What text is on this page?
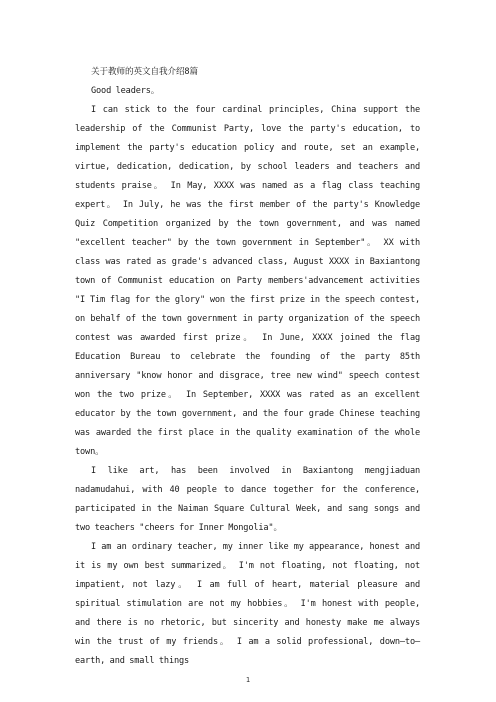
关于教师的英文自我介绍8篇

Good leaders。

I can stick to the four cardinal principles, China support the leadership of the Communist Party, love the party's education, to implement the party's education policy and route, set an example, virtue, dedication, dedication, by school leaders and teachers and students praise。 In May, XXXX was named as a flag class teaching expert。 In July, he was the first member of the party's Knowledge Quiz Competition organized by the town government, and was named "excellent teacher" by the town government in September"。 XX with class was rated as grade's advanced class, August XXXX in Baxiantong town of Communist education on Party members'advancement activities "I Tim flag for the glory" won the first prize in the speech contest, on behalf of the town government in party organization of the speech contest was awarded first prize。 In June, XXXX joined the flag Education Bureau to celebrate the founding of the party 85th anniversary "know honor and disgrace, tree new wind" speech contest won the two prize。 In September, XXXX was rated as an excellent educator by the town government, and the four grade Chinese teaching was awarded the first place in the quality examination of the whole town。

I like art, has been involved in Baxiantong mengjiaduan nadamudahui, with 40 people to dance together for the conference, participated in the Naiman Square Cultural Week, and sang songs and two teachers "cheers for Inner Mongolia"。

I am an ordinary teacher, my inner like my appearance, honest and it is my own best summarized。 I'm not floating, not floating, not impatient, not lazy。 I am full of heart, material pleasure and spiritual stimulation are not my hobbies。 I'm honest with people, and there is no rhetoric, but sincerity and honesty make me always win the trust of my friends。 I am a solid professional, down—to—earth, and small things

1
